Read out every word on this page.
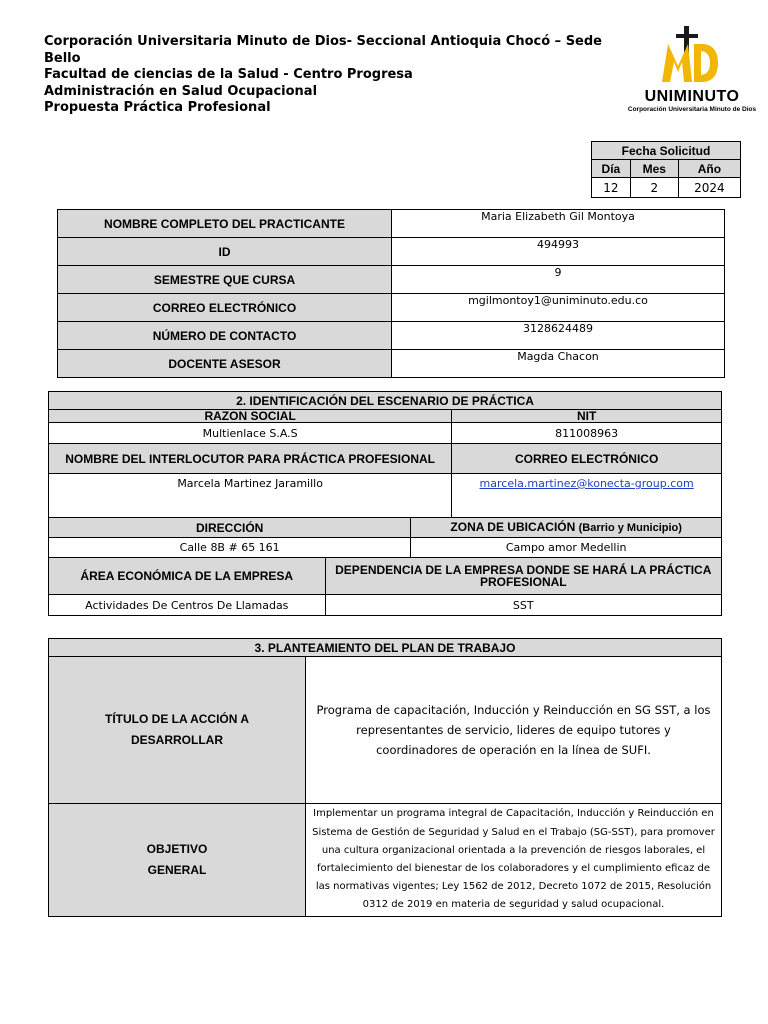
Corporación Universitaria Minuto de Dios- Seccional Antioquia Chocó – Sede Bello
Facultad de ciencias de la Salud - Centro Progresa
Administración en Salud Ocupacional
Propuesta Práctica Profesional
UNIMINUTO
Corporación Universitaria Minuto de Dios
Fecha Solicitud		
Día	Mes	Año
12	2	2024
NOMBRE COMPLETO DEL PRACTICANTE	Maria Elizabeth Gil Montoya
ID	494993
SEMESTRE QUE CURSA	9
CORREO ELECTRÓNICO	mgilmontoy1@uniminuto.edu.co
NÚMERO DE CONTACTO	3128624489
DOCENTE ASESOR	Magda Chacon
2. IDENTIFICACIÓN DEL ESCENARIO DE PRÁCTICA			
RAZON SOCIAL			NIT
Multienlace S.A.S			811008963
NOMBRE DEL INTERLOCUTOR PARA PRÁCTICA PROFESIONAL			CORREO ELECTRÓNICO
Marcela Martinez Jaramillo			marcela.martinez@konecta-group.com
DIRECCIÓN		ZONA DE UBICACIÓN (Barrio y Municipio)	
Calle 8B # 65 161		Campo amor Medellin	
ÁREA ECONÓMICA DE LA EMPRESA	DEPENDENCIA DE LA EMPRESA DONDE SE HARÁ LA PRÁCTICA PROFESIONAL		
Actividades De Centros De Llamadas	SST		
3. PLANTEAMIENTO DEL PLAN DE TRABAJO	
TÍTULO DE LA ACCIÓN A DESARROLLAR	Programa de capacitación, Inducción y Reinducción en SG SST, a los representantes de servicio, lideres de equipo tutores y coordinadores de operación en la línea de SUFI.

OBJETIVO
GENERAL	Implementar un programa integral de Capacitación, Inducción y Reinducción en Sistema de Gestión de Seguridad y Salud en el Trabajo (SG-SST), para promover una cultura organizacional orientada a la prevención de riesgos laborales, el fortalecimiento del bienestar de los colaboradores y el cumplimiento eficaz de las normativas vigentes; Ley 1562 de 2012, Decreto 1072 de 2015, Resolución 0312 de 2019 en materia de seguridad y salud ocupacional.
